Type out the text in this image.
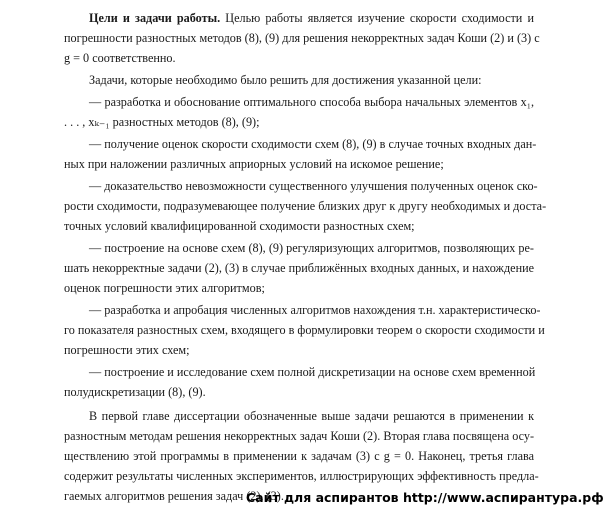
Цели и задачи работы. Целью работы является изучение скорости сходимости и

погрешности разностных методов (8), (9) для решения некорректных задач Коши (2) и (3) с

g = 0 соответственно.

Задачи, которые необходимо было решить для достижения указанной цели:

— разработка и обоснование оптимального способа выбора начальных элементов x₁,

. . . , xₖ₋₁ разностных методов (8), (9);

— получение оценок скорости сходимости схем (8), (9) в случае точных входных дан-

ных при наложении различных априорных условий на искомое решение;

— доказательство невозможности существенного улучшения полученных оценок ско-

рости сходимости, подразумевающее получение близких друг к другу необходимых и доста-

точных условий квалифицированной сходимости разностных схем;

— построение на основе схем (8), (9) регуляризующих алгоритмов, позволяющих ре-

шать некорректные задачи (2), (3) в случае приближённых входных данных, и нахождение

оценок погрешности этих алгоритмов;

— разработка и апробация численных алгоритмов нахождения т.н. характеристическо-

го показателя разностных схем, входящего в формулировки теорем о скорости сходимости и

погрешности этих схем;

— построение и исследование схем полной дискретизации на основе схем временной

полудискретизации (8), (9).

В первой главе диссертации обозначенные выше задачи решаются в применении к

разностным методам решения некорректных задач Коши (2). Вторая глава посвящена осу-

ществлению этой программы в применении к задачам (3) с g = 0. Наконец, третья глава

содержит результаты численных экспериментов, иллюстрирующих эффективность предла-

гаемых алгоритмов решения задач (2), (3).

Сайт для аспирантов http://www.аспирантура.рф
